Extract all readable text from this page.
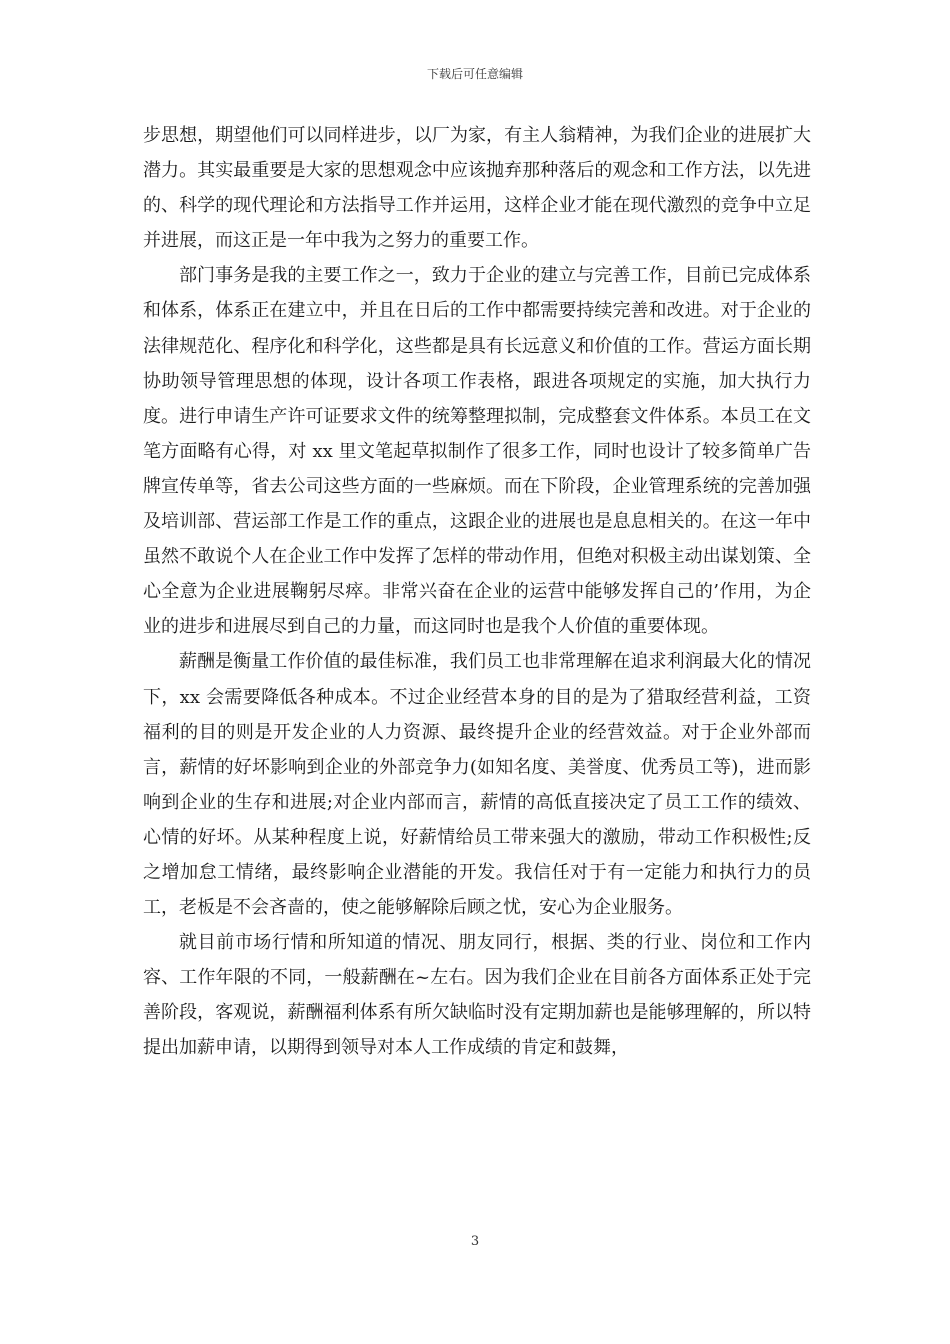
下载后可任意编辑

步思想，期望他们可以同样进步，以厂为家，有主人翁精神，为我们企业的进展扩大潜力。其实最重要是大家的思想观念中应该抛弃那种落后的观念和工作方法，以先进的、科学的现代理论和方法指导工作并运用，这样企业才能在现代激烈的竞争中立足并进展，而这正是一年中我为之努力的重要工作。

部门事务是我的主要工作之一，致力于企业的建立与完善工作，目前已完成体系和体系，体系正在建立中，并且在日后的工作中都需要持续完善和改进。对于企业的法律规范化、程序化和科学化，这些都是具有长远意义和价值的工作。营运方面长期协助领导管理思想的体现，设计各项工作表格，跟进各项规定的实施，加大执行力度。进行申请生产许可证要求文件的统筹整理拟制，完成整套文件体系。本员工在文笔方面略有心得，对 xx 里文笔起草拟制作了很多工作，同时也设计了较多简单广告牌宣传单等，省去公司这些方面的一些麻烦。而在下阶段，企业管理系统的完善加强及培训部、营运部工作是工作的重点，这跟企业的进展也是息息相关的。在这一年中虽然不敢说个人在企业工作中发挥了怎样的带动作用，但绝对积极主动出谋划策、全心全意为企业进展鞠躬尽瘁。非常兴奋在企业的运营中能够发挥自己的’作用，为企业的进步和进展尽到自己的力量，而这同时也是我个人价值的重要体现。

薪酬是衡量工作价值的最佳标准，我们员工也非常理解在追求利润最大化的情况下，xx 会需要降低各种成本。不过企业经营本身的目的是为了猎取经营利益，工资福利的目的则是开发企业的人力资源、最终提升企业的经营效益。对于企业外部而言，薪情的好坏影响到企业的外部竞争力(如知名度、美誉度、优秀员工等)，进而影响到企业的生存和进展;对企业内部而言，薪情的高低直接决定了员工工作的绩效、心情的好坏。从某种程度上说，好薪情给员工带来强大的激励，带动工作积极性;反之增加怠工情绪，最终影响企业潜能的开发。我信任对于有一定能力和执行力的员工，老板是不会吝啬的，使之能够解除后顾之忧，安心为企业服务。

就目前市场行情和所知道的情况、朋友同行，根据、类的行业、岗位和工作内容、工作年限的不同，一般薪酬在~左右。因为我们企业在目前各方面体系正处于完善阶段，客观说，薪酬福利体系有所欠缺临时没有定期加薪也是能够理解的，所以特提出加薪申请，以期得到领导对本人工作成绩的肯定和鼓舞，

3
